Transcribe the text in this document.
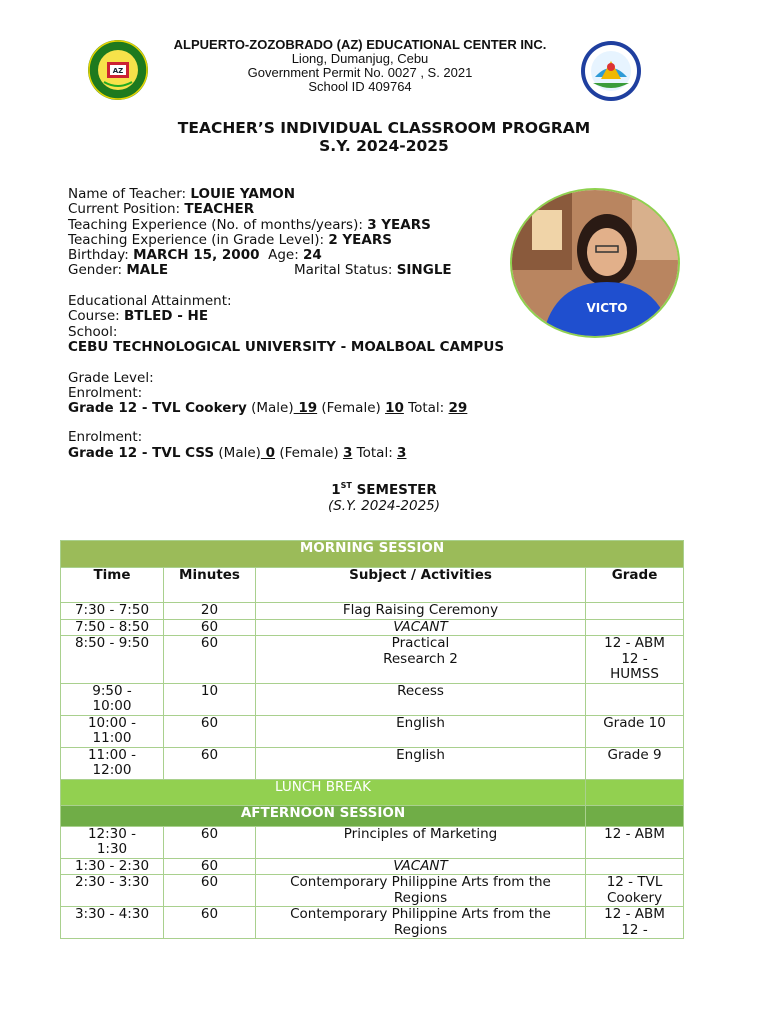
AZ
ALPUERTO-ZOZOBRADO (AZ) EDUCATIONAL CENTER INC.
Liong, Dumanjug, Cebu
Government Permit No. 0027 , S. 2021
School ID 409764
TEACHER’S INDIVIDUAL CLASSROOM PROGRAM
S.Y. 2024-2025
VICTO
Name of Teacher: LOUIE YAMON
Current Position: TEACHER
Teaching Experience (No. of months/years): 3 YEARS
Teaching Experience (in Grade Level): 2 YEARS
Birthday: MARCH 15, 2000 Age: 24
Gender: MALE	Marital Status: SINGLE
Educational Attainment:
Course: BTLED - HE
School:
CEBU TECHNOLOGICAL UNIVERSITY - MOALBOAL CAMPUS
Grade Level:
Enrolment:
Grade 12 - TVL Cookery (Male) 19 (Female) 10 Total: 29
Enrolment:
Grade 12 - TVL CSS (Male) 0 (Female) 3 Total: 3
1ST SEMESTER
(S.Y. 2024-2025)
MORNING SESSION			
Time	Minutes	Subject / Activities	Grade
7:30 - 7:50	20	Flag Raising Ceremony	
7:50 - 8:50	60	VACANT	
8:50 - 9:50	60	Practical Research 2	12 - ABM 12 - HUMSS
9:50 - 10:00	10	Recess	
10:00 - 11:00	60	English	Grade 10
11:00 - 12:00	60	English	Grade 9
LUNCH BREAK			
AFTERNOON SESSION			
12:30 - 1:30	60	Principles of Marketing	12 - ABM
1:30 - 2:30	60	VACANT	
2:30 - 3:30	60	Contemporary Philippine Arts from the Regions	12 - TVL Cookery
3:30 - 4:30	60	Contemporary Philippine Arts from the Regions	12 - ABM 12 -
